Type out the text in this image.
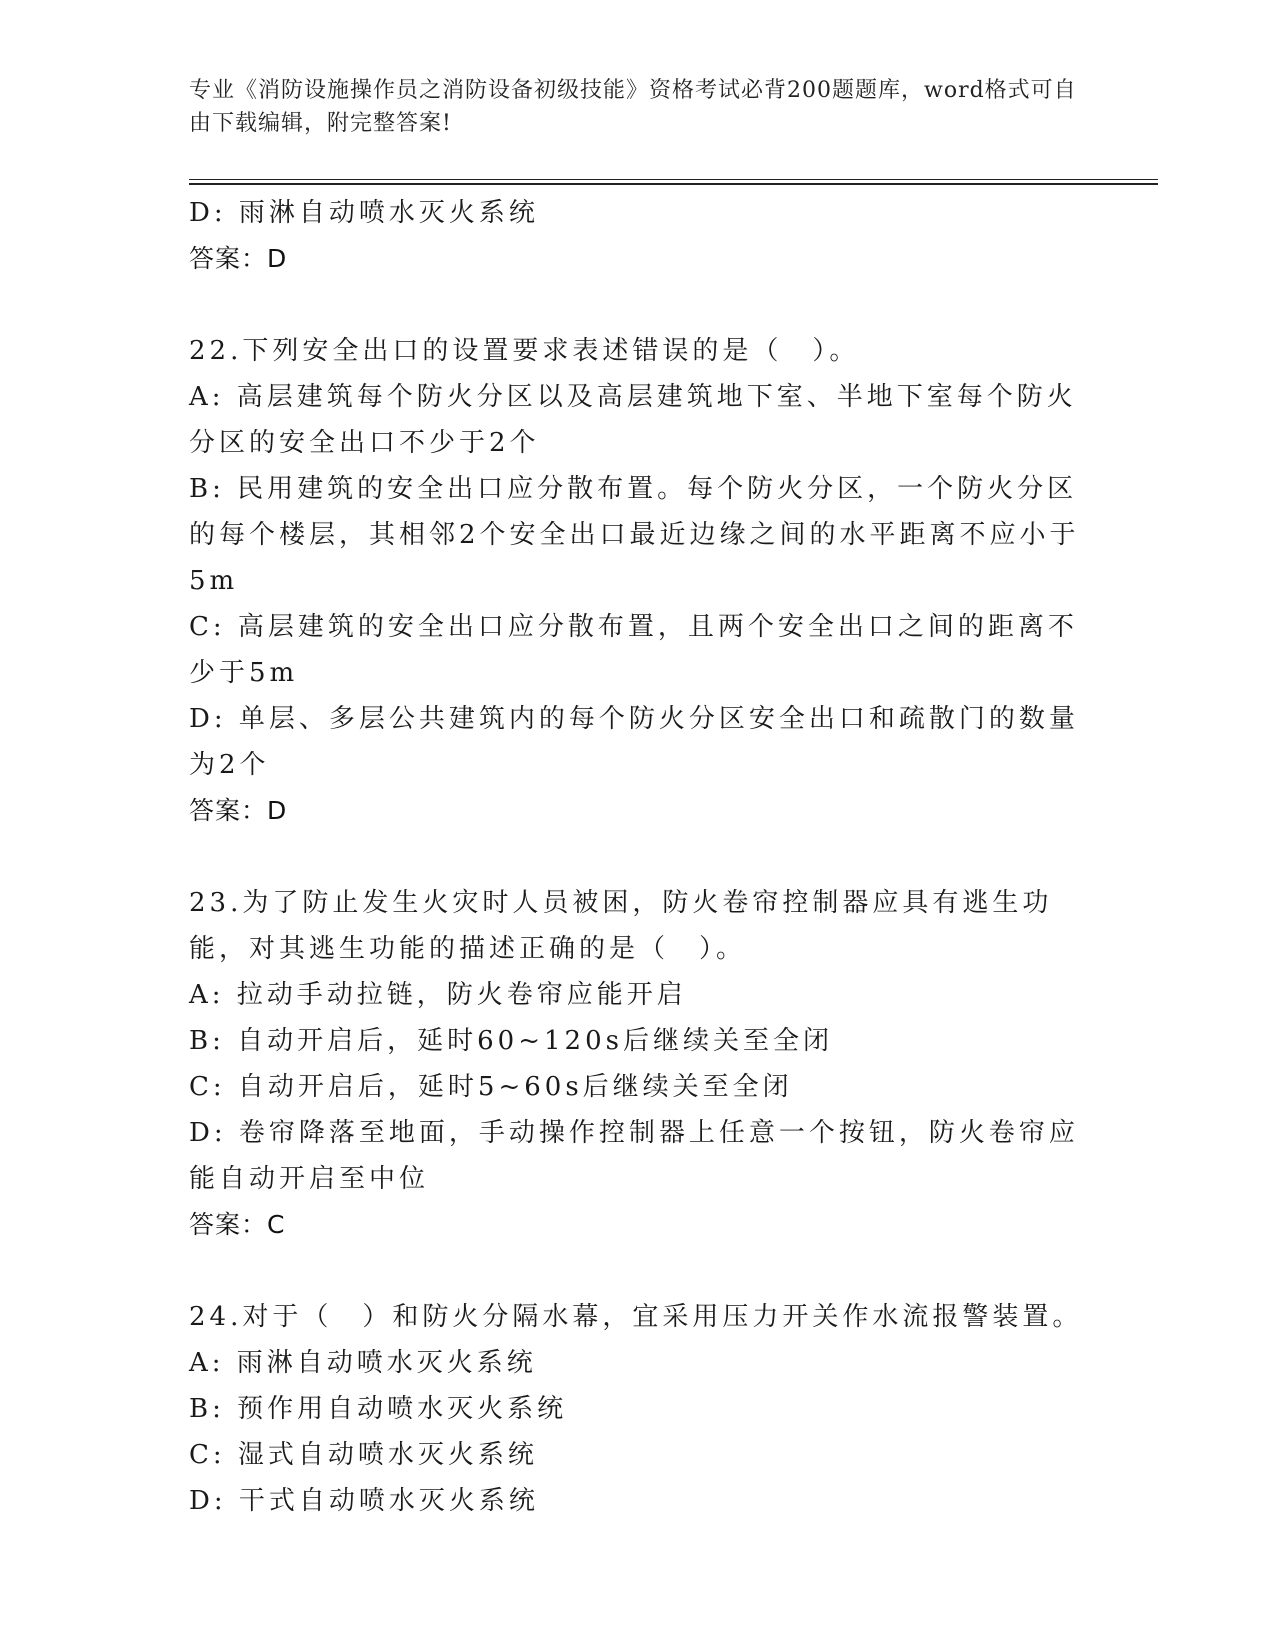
专业《消防设施操作员之消防设备初级技能》资格考试必背200题题库，word格式可自由下载编辑，附完整答案!

D: 雨淋自动喷水灭火系统

答案：D

22.下列安全出口的设置要求表述错误的是（　）。

A: 高层建筑每个防火分区以及高层建筑地下室、半地下室每个防火分区的安全出口不少于2个

B: 民用建筑的安全出口应分散布置。每个防火分区，一个防火分区的每个楼层，其相邻2个安全出口最近边缘之间的水平距离不应小于5m

C: 高层建筑的安全出口应分散布置，且两个安全出口之间的距离不少于5m

D: 单层、多层公共建筑内的每个防火分区安全出口和疏散门的数量为2个

答案：D

23.为了防止发生火灾时人员被困，防火卷帘控制器应具有逃生功能，对其逃生功能的描述正确的是（　）。

A: 拉动手动拉链，防火卷帘应能开启

B: 自动开启后，延时60~120s后继续关至全闭

C: 自动开启后，延时5~60s后继续关至全闭

D: 卷帘降落至地面，手动操作控制器上任意一个按钮，防火卷帘应能自动开启至中位

答案：C

24.对于（　）和防火分隔水幕，宜采用压力开关作水流报警装置。

A: 雨淋自动喷水灭火系统

B: 预作用自动喷水灭火系统

C: 湿式自动喷水灭火系统

D: 干式自动喷水灭火系统
